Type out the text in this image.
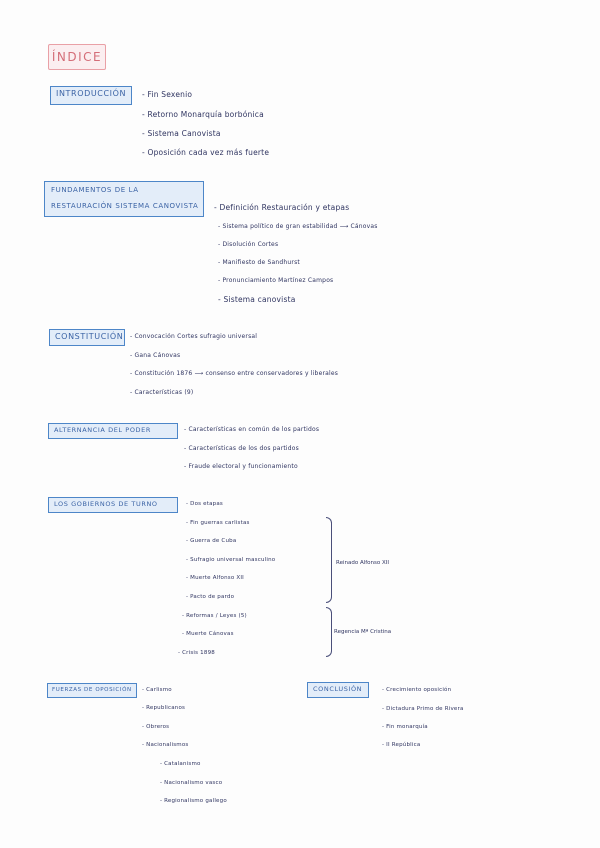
ÍNDICE
INTRODUCCIÓN	- Fin Sexenio
- Retorno Monarquía borbónica
- Sistema Canovista
- Oposición cada vez más fuerte
FUNDAMENTOS DE LA
RESTAURACIÓN SISTEMA CANOVISTA - Definición Restauración y etapas
- Sistema político de gran estabilidad ⟶ Cánovas
- Disolución Cortes
- Manifiesto de Sandhurst
- Pronunciamiento Martínez Campos
- Sistema canovista
CONSTITUCIÓN - Convocación Cortes sufragio universal
- Gana Cánovas
- Constitución 1876 ⟶ consenso entre conservadores y liberales
- Características (9)
ALTERNANCIA DEL PODER	- Características en común de los partidos
- Características de los dos partidos
- Fraude electoral y funcionamiento
LOS GOBIERNOS DE TURNO	- Dos etapas
- Fin guerras carlistas
- Guerra de Cuba
- Sufragio universal masculino
- Muerte Alfonso XII
- Pacto de pardo
- Reformas / Leyes (5)
- Muerte Cánovas
- Crisis 1898
Reinado Alfonso XII
Regencia Mª Cristina
FUERZAS DE OPOSICIÓN	- Carlismo
- Republicanos
- Obreros
- Nacionalismos
- Catalanismo
- Nacionalismo vasco
- Regionalismo gallego
CONCLUSIÓN	- Crecimiento oposición
- Dictadura Primo de Rivera
- Fin monarquía
- II República
